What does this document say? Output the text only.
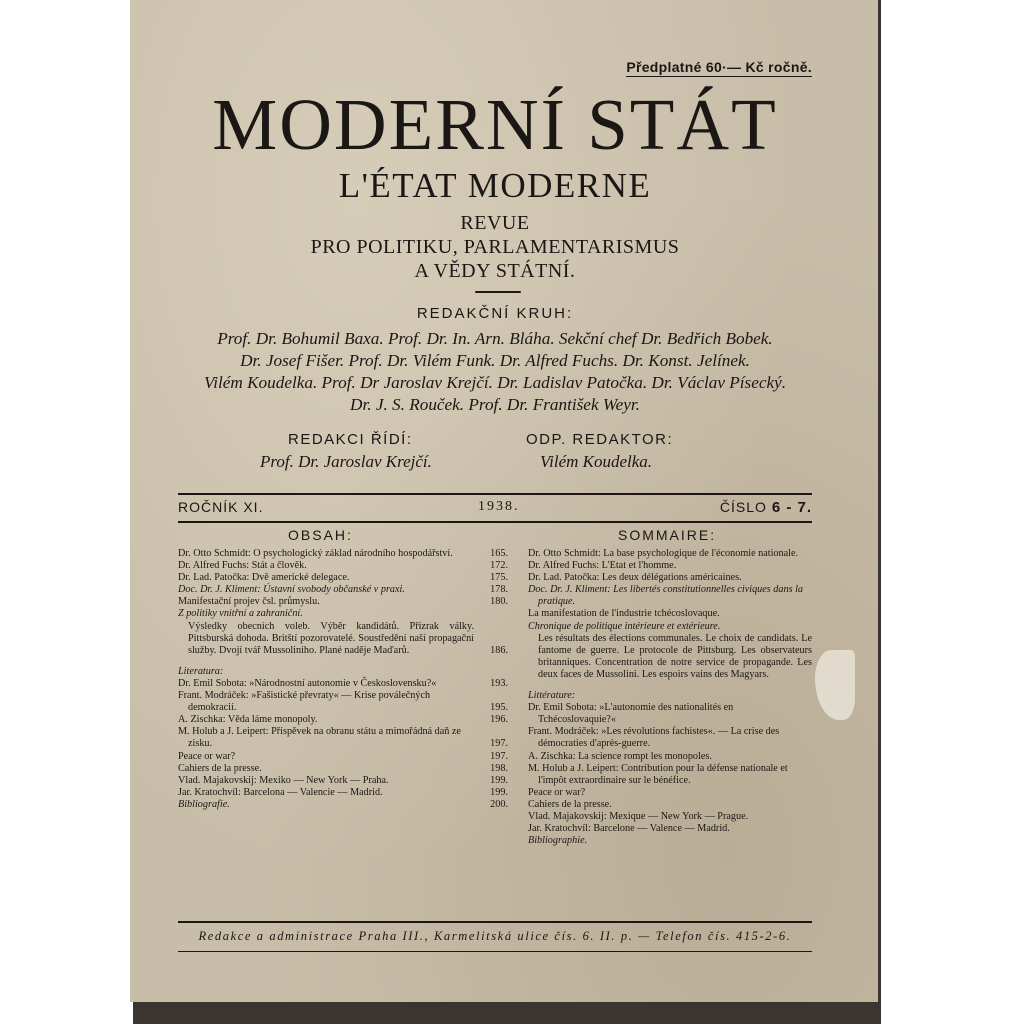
Předplatné 60·— Kč ročně.
MODERNÍ STÁT
L'ÉTAT MODERNE
REVUE
PRO POLITIKU, PARLAMENTARISMUS
A VĚDY STÁTNÍ.
REDAKČNÍ KRUH:
Prof. Dr. Bohumil Baxa. Prof. Dr. In. Arn. Bláha. Sekční chef Dr. Bedřich Bobek.
Dr. Josef Fišer. Prof. Dr. Vilém Funk. Dr. Alfred Fuchs. Dr. Konst. Jelínek.
Vilém Koudelka. Prof. Dr Jaroslav Krejčí. Dr. Ladislav Patočka. Dr. Václav Písecký.
Dr. J. S. Rouček. Prof. Dr. František Weyr.
REDAKCI ŘÍDÍ:
Prof. Dr. Jaroslav Krejčí.
ODP. REDAKTOR:
Vilém Koudelka.
ROČNÍK XI.	1938.	ČÍSLO 6 - 7.
OBSAH:	SOMMAIRE:
Dr. Otto Schmidt: O psychologický základ národního hospodářství.	165.
Dr. Alfred Fuchs: Stát a člověk.	172.
Dr. Lad. Patočka: Dvě americké delegace.	175.
Doc. Dr. J. Kliment: Ústavní svobody občanské v praxi.	178.
Manifestační projev čsl. průmyslu.	180.
Z politiky vnitřní a zahraniční.
Výsledky obecních voleb. Výběr kandidátů. Přízrak války. Pittsburská dohoda. Britští pozorovatelé. Soustředění naší propagační služby. Dvojí tvář Mussoliniho. Plané naděje Maďarů.	186.
Literatura:
Dr. Emil Sobota: »Národnostní autonomie v Československu?«	193.
Frant. Modráček: »Fašistické převraty« — Krise poválečných demokracií.	195.
A. Zischka: Věda láme monopoly.	196.
M. Holub a J. Leipert: Příspěvek na obranu státu a mimořádná daň ze zisku.	197.
Peace or war?	197.
Cahiers de la presse.	198.
Vlad. Majakovskij: Mexiko — New York — Praha.	199.
Jar. Kratochvíl: Barcelona — Valencie — Madrid.	199.
Bibliografie.	200.
Dr. Otto Schmidt: La base psychologique de l'économie nationale.
Dr. Alfred Fuchs: L'Etat et l'homme.
Dr. Lad. Patočka: Les deux délégations américaines.
Doc. Dr. J. Kliment: Les libertés constitutionnelles civiques dans la pratique.
La manifestation de l'industrie tchécoslovaque.
Chronique de politique intérieure et extérieure.
Les résultats des élections communales. Le choix de candidats. Le fantome de guerre. Le protocole de Pittsburg. Les observateurs britanniques. Concentration de notre service de propagande. Les deux faces de Mussolini. Les espoirs vains des Magyars.
Littérature:
Dr. Emil Sobota: »L'autonomie des nationalités en Tchécoslovaquie?«
Frant. Modráček: »Les révolutions fachistes«. — La crise des démocraties d'après-guerre.
A. Zischka: La science rompt les monopoles.
M. Holub a J. Leipert: Contribution pour la défense nationale et l'impôt extraordinaire sur le bénéfice.
Peace or war?
Cahiers de la presse.
Vlad. Majakovskij: Mexique — New York — Prague.
Jar. Kratochvíl: Barcelone — Valence — Madrid.
Bibliographie.
Redakce a administrace Praha III., Karmelitská ulice čís. 6. II. p. — Telefon čís. 415-2-6.
